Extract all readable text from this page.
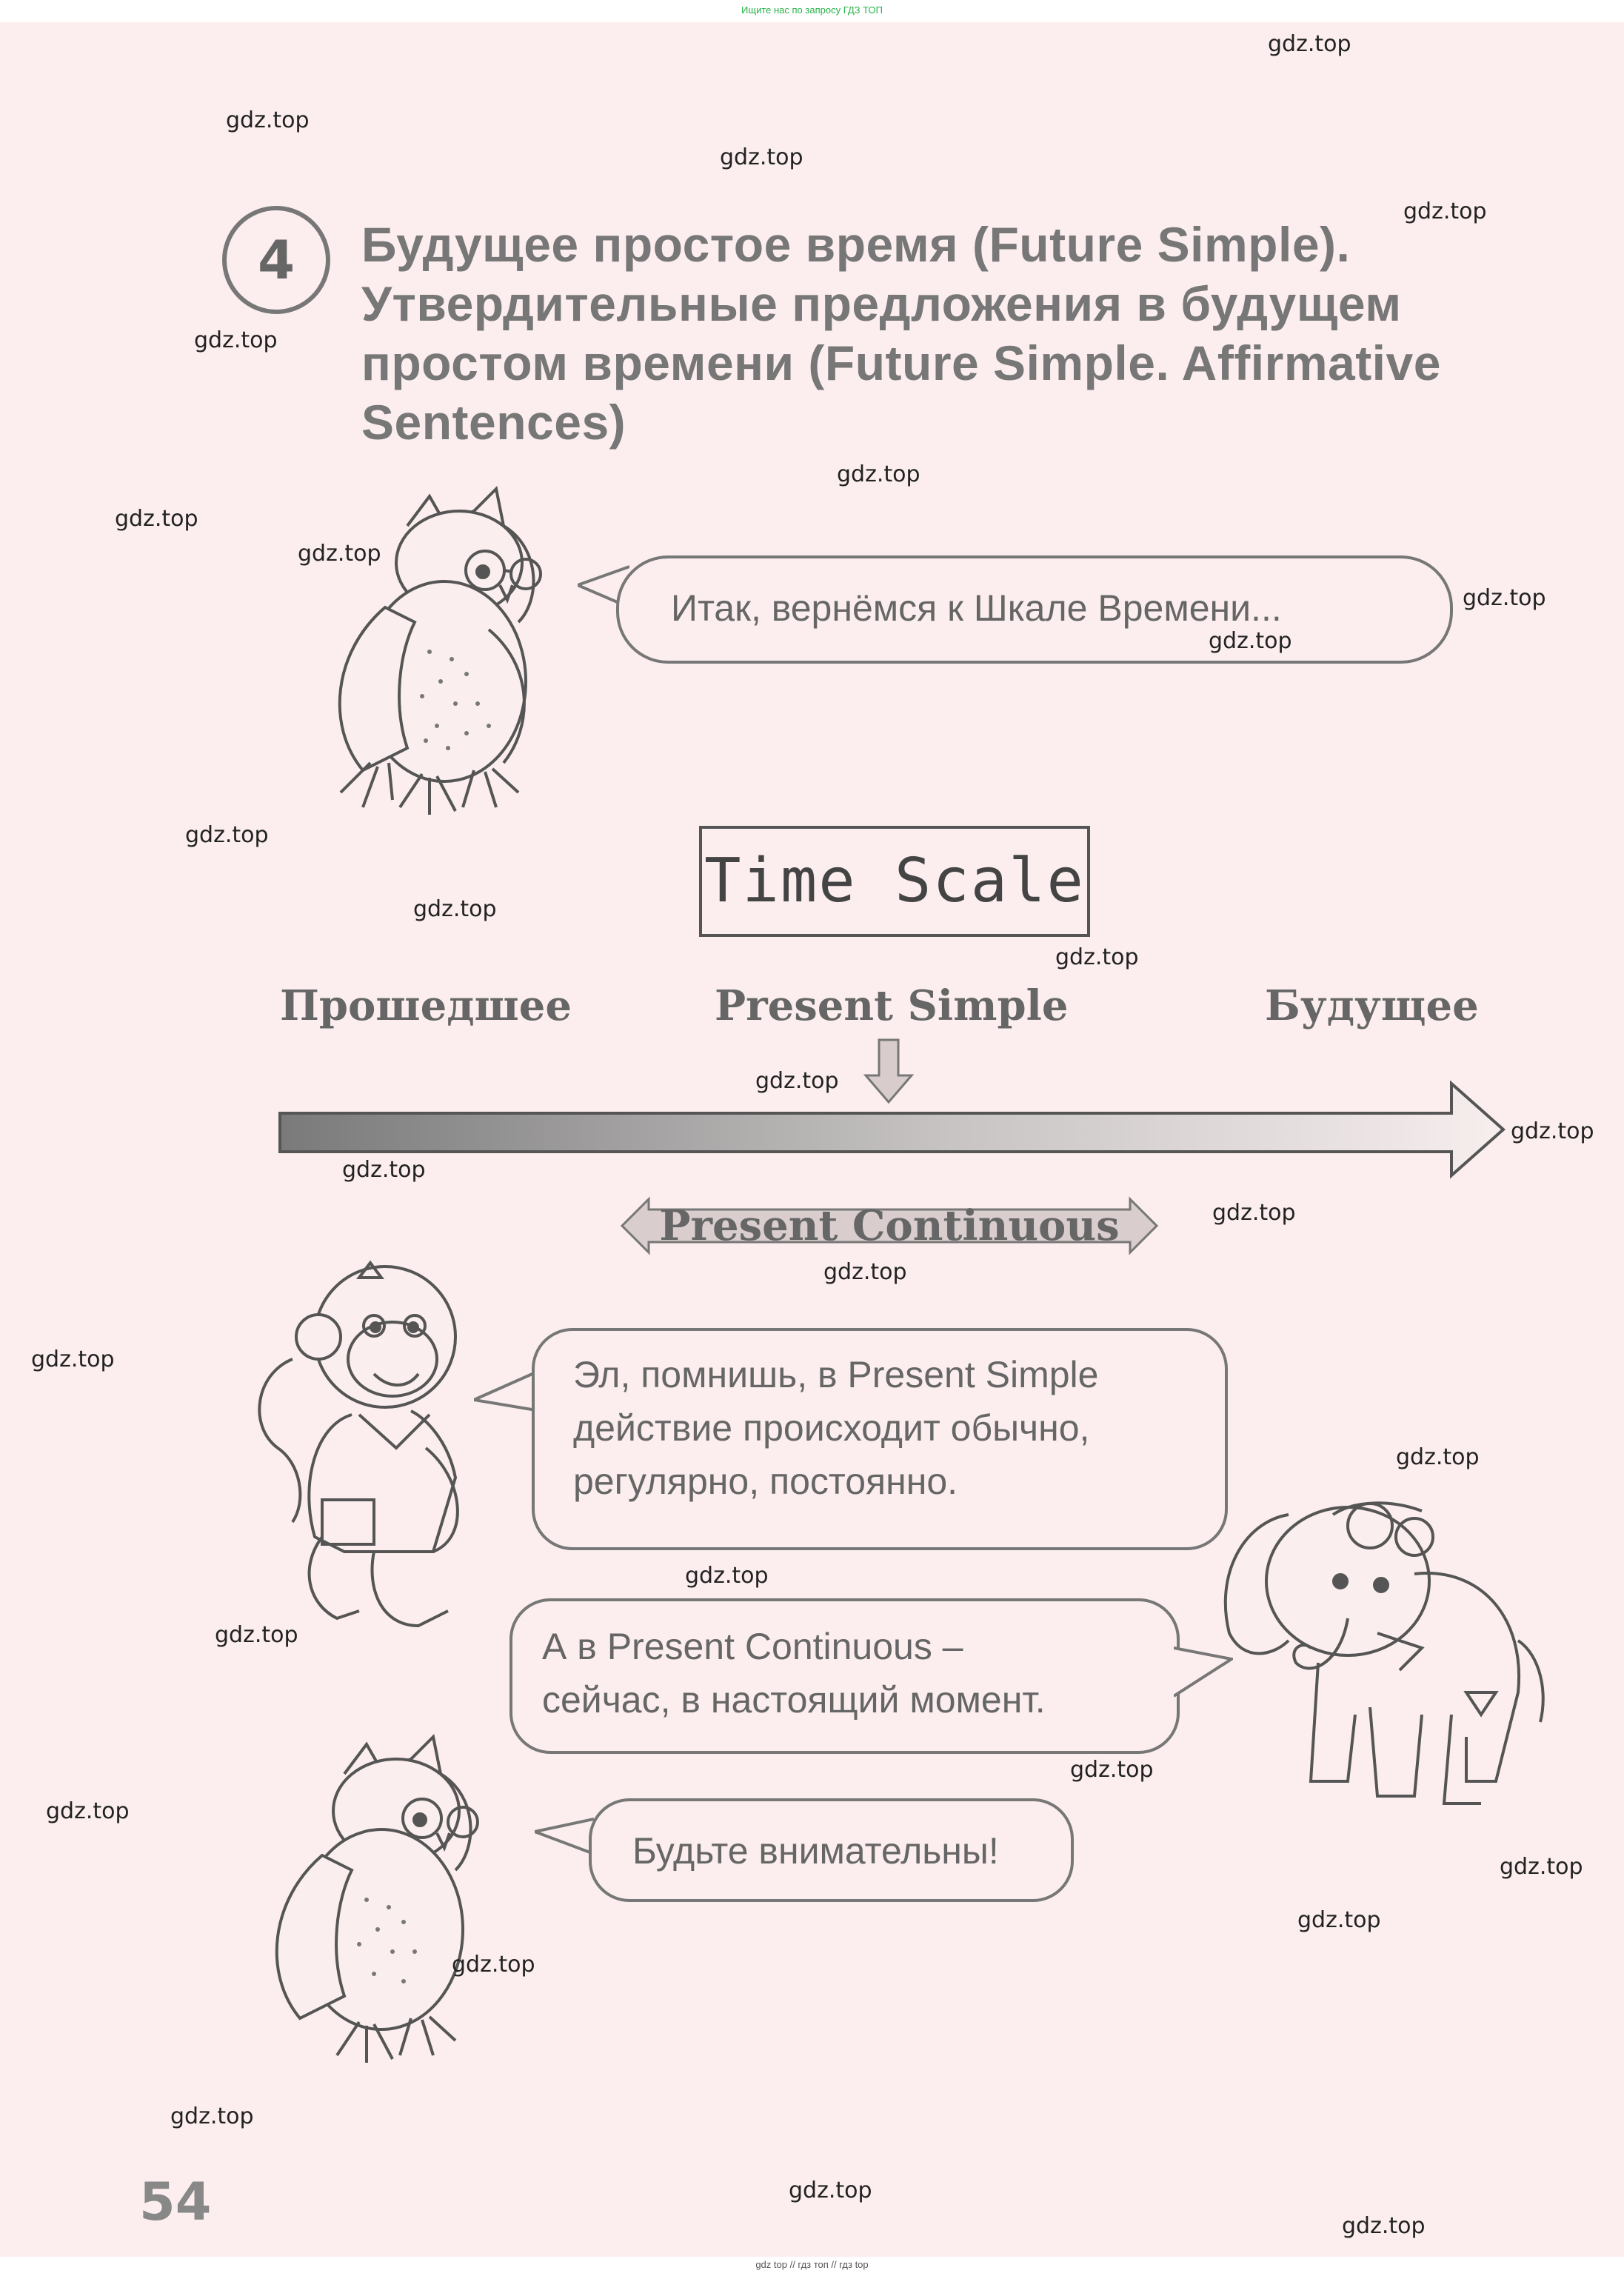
Ищите нас по запросу ГДЗ ТОП
4	Будущее простое время (Future Simple).
Утвердительные предложения в будущем
простом времени (Future Simple. Affirmative
Sentences)
Итак, вернёмся к Шкале Времени...
Time Scale
Прошедшее	Present Simple	Будущее
Present Continuous
Эл, помнишь, в Present Simple
действие происходит обычно,
регулярно, постоянно.
А в Present Continuous –
сейчас, в настоящий момент.
Будьте внимательны!
54
gdz.top
gdz.top
gdz.top
gdz.top
gdz.top
gdz.top
gdz.top
gdz.top
gdz.top
gdz.top
gdz.top
gdz.top
gdz.top
gdz.top
gdz.top
gdz.top
gdz.top
gdz.top
gdz.top
gdz.top
gdz.top
gdz.top
gdz.top
gdz.top
gdz.top
gdz.top
gdz.top
gdz.top
gdz.top
gdz.top
gdz top // гдз топ // гдз top
